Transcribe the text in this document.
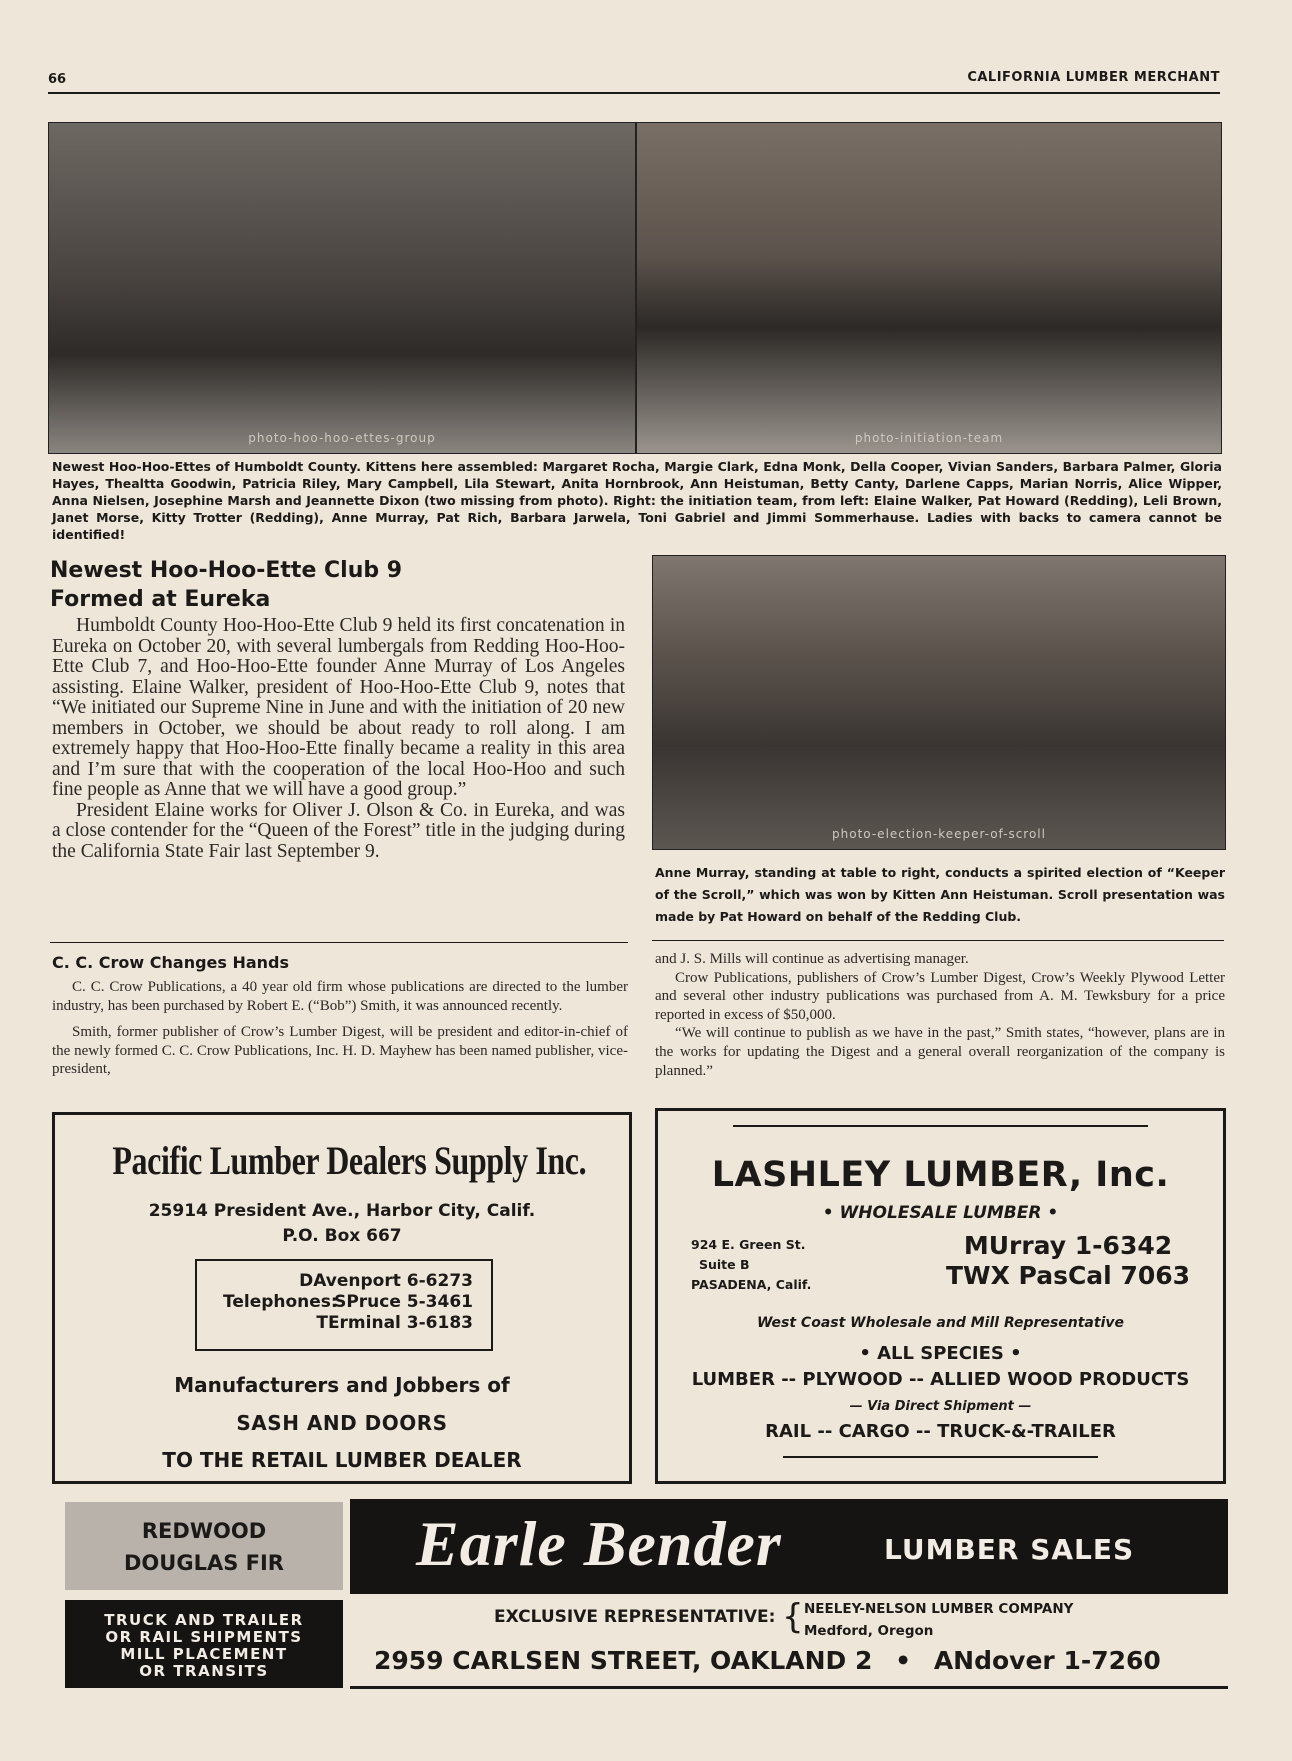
66	CALIFORNIA LUMBER MERCHANT
photo-hoo-hoo-ettes-group	photo-initiation-team
Newest Hoo-Hoo-Ettes of Humboldt County. Kittens here assembled: Margaret Rocha, Margie Clark, Edna Monk, Della Cooper, Vivian Sanders, Barbara Palmer, Gloria Hayes, Thealtta Goodwin, Patricia Riley, Mary Campbell, Lila Stewart, Anita Hornbrook, Ann Heistuman, Betty Canty, Darlene Capps, Marian Norris, Alice Wipper, Anna Nielsen, Josephine Marsh and Jeannette Dixon (two missing from photo). Right: the initiation team, from left: Elaine Walker, Pat Howard (Redding), Leli Brown, Janet Morse, Kitty Trotter (Redding), Anne Murray, Pat Rich, Barbara Jarwela, Toni Gabriel and Jimmi Sommerhause. Ladies with backs to camera cannot be identified!
Newest Hoo-Hoo-Ette Club 9
Formed at Eureka
Humboldt County Hoo-Hoo-Ette Club 9 held its first concatenation in Eureka on October 20, with several lumbergals from Redding Hoo-Hoo-Ette Club 7, and Hoo-Hoo-Ette founder Anne Murray of Los Angeles assisting. Elaine Walker, president of Hoo-Hoo-Ette Club 9, notes that “We initiated our Supreme Nine in June and with the initiation of 20 new members in October, we should be about ready to roll along. I am extremely happy that Hoo-Hoo-Ette finally became a reality in this area and I’m sure that with the cooperation of the local Hoo-Hoo and such fine people as Anne that we will have a good group.”
President Elaine works for Oliver J. Olson & Co. in Eureka, and was a close contender for the “Queen of the Forest” title in the judging during the California State Fair last September 9.
photo-election-keeper-of-scroll
Anne Murray, standing at table to right, conducts a spirited election of “Keeper of the Scroll,” which was won by Kitten Ann Heistuman. Scroll presentation was made by Pat Howard on behalf of the Redding Club.
C. C. Crow Changes Hands
C. C. Crow Publications, a 40 year old firm whose publications are directed to the lumber industry, has been purchased by Robert E. (“Bob”) Smith, it was announced recently.
Smith, former publisher of Crow’s Lumber Digest, will be president and editor-in-chief of the newly formed C. C. Crow Publications, Inc. H. D. Mayhew has been named publisher, vice-president,
and J. S. Mills will continue as advertising manager.
Crow Publications, publishers of Crow’s Lumber Digest, Crow’s Weekly Plywood Letter and several other industry publications was purchased from A. M. Tewksbury for a price reported in excess of $50,000.
“We will continue to publish as we have in the past,” Smith states, “however, plans are in the works for updating the Digest and a general overall reorganization of the company is planned.”
Pacific Lumber Dealers Supply Inc.
25914 President Ave., Harbor City, Calif.
P.O. Box 667
DAvenport 6-6273
Telephones:
SPruce 5-3461
TErminal 3-6183
Manufacturers and Jobbers of
SASH AND DOORS
TO THE RETAIL LUMBER DEALER
LASHLEY LUMBER, Inc.
• WHOLESALE LUMBER •
924 E. Green St.
Suite B
PASADENA, Calif.
MUrray 1-6342
TWX PasCal 7063
West Coast Wholesale and Mill Representative
• ALL SPECIES •
LUMBER -- PLYWOOD -- ALLIED WOOD PRODUCTS
— Via Direct Shipment —
RAIL -- CARGO -- TRUCK-&-TRAILER
REDWOOD
DOUGLAS FIR
TRUCK AND TRAILER
OR RAIL SHIPMENTS
MILL PLACEMENT
OR TRANSITS
Earle Bender	LUMBER SALES
EXCLUSIVE REPRESENTATIVE: { NEELEY-NELSON LUMBER COMPANY
Medford, Oregon
2959 CARLSEN STREET, OAKLAND 2 • ANdover 1-7260
